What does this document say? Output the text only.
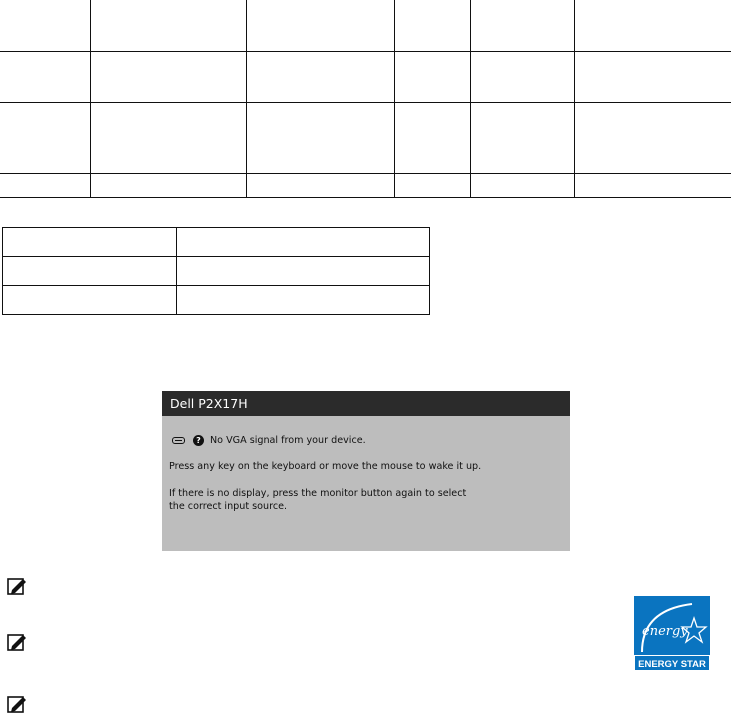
Dell P2X17H
? No VGA signal from your device.
Press any key on the keyboard or move the mouse to wake it up.
If there is no display, press the monitor button again to select
the correct input source.
energy
ENERGY STAR
